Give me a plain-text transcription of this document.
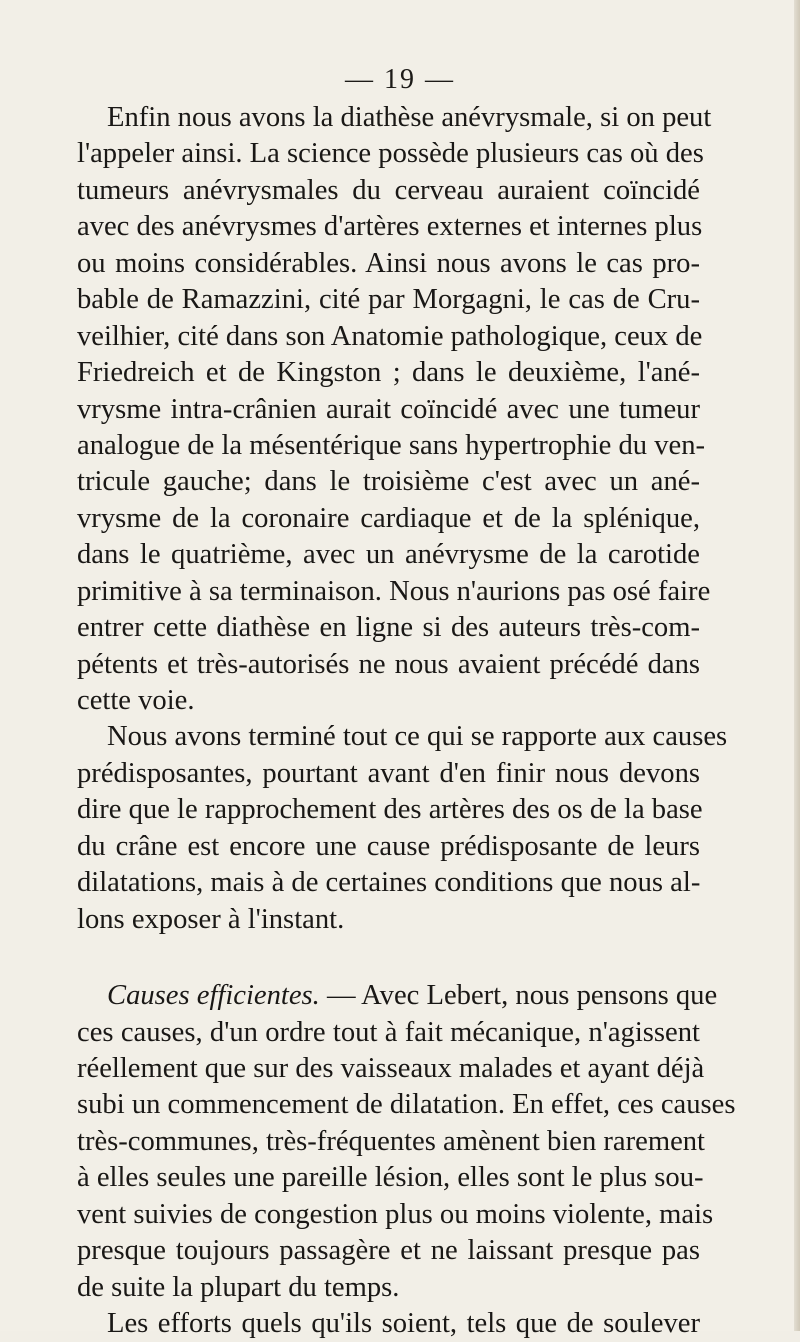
— 19 —
Enfin nous avons la diathèse anévrysmale, si on peut
l'appeler ainsi. La science possède plusieurs cas où des
tumeurs anévrysmales du cerveau auraient coïncidé
avec des anévrysmes d'artères externes et internes plus
ou moins considérables. Ainsi nous avons le cas pro-
bable de Ramazzini, cité par Morgagni, le cas de Cru-
veilhier, cité dans son Anatomie pathologique, ceux de
Friedreich et de Kingston ; dans le deuxième, l'ané-
vrysme intra-crânien aurait coïncidé avec une tumeur
analogue de la mésentérique sans hypertrophie du ven-
tricule gauche; dans le troisième c'est avec un ané-
vrysme de la coronaire cardiaque et de la splénique,
dans le quatrième, avec un anévrysme de la carotide
primitive à sa terminaison. Nous n'aurions pas osé faire
entrer cette diathèse en ligne si des auteurs très-com-
pétents et très-autorisés ne nous avaient précédé dans
cette voie.
Nous avons terminé tout ce qui se rapporte aux causes
prédisposantes, pourtant avant d'en finir nous devons
dire que le rapprochement des artères des os de la base
du crâne est encore une cause prédisposante de leurs
dilatations, mais à de certaines conditions que nous al-
lons exposer à l'instant.
Causes efficientes. — Avec Lebert, nous pensons que
ces causes, d'un ordre tout à fait mécanique, n'agissent
réellement que sur des vaisseaux malades et ayant déjà
subi un commencement de dilatation. En effet, ces causes
très-communes, très-fréquentes amènent bien rarement
à elles seules une pareille lésion, elles sont le plus sou-
vent suivies de congestion plus ou moins violente, mais
presque toujours passagère et ne laissant presque pas
de suite la plupart du temps.
Les efforts quels qu'ils soient, tels que de soulever
